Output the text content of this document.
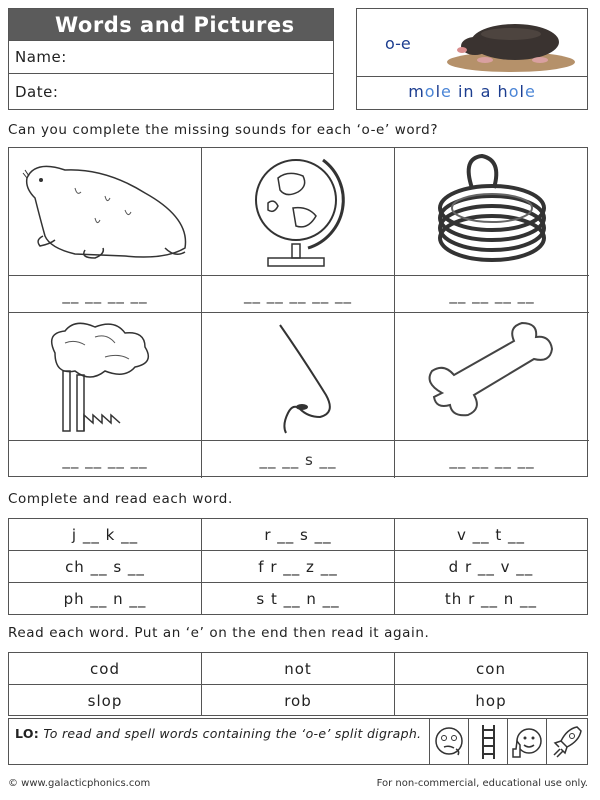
Words and Pictures
Name:
Date:
o-e
mole in a hole
Can you complete the missing sounds for each ‘o-e’ word?
__ __ __ __	__ __ __ __ __	__ __ __ __
__ __ __ __	__ __ s __	__ __ __ __
Complete and read each word.
j __ k __	r __ s __	v __ t __
ch __ s __	f r __ z __	d r __ v __
ph __ n __	s t __ n __	th r __ n __
Read each word. Put an ‘e’ on the end then read it again.
cod	not	con
slop	rob	hop
LO: To read and spell words containing the ‘o-e’ split digraph.
© www.galacticphonics.com	For non-commercial, educational use only.
